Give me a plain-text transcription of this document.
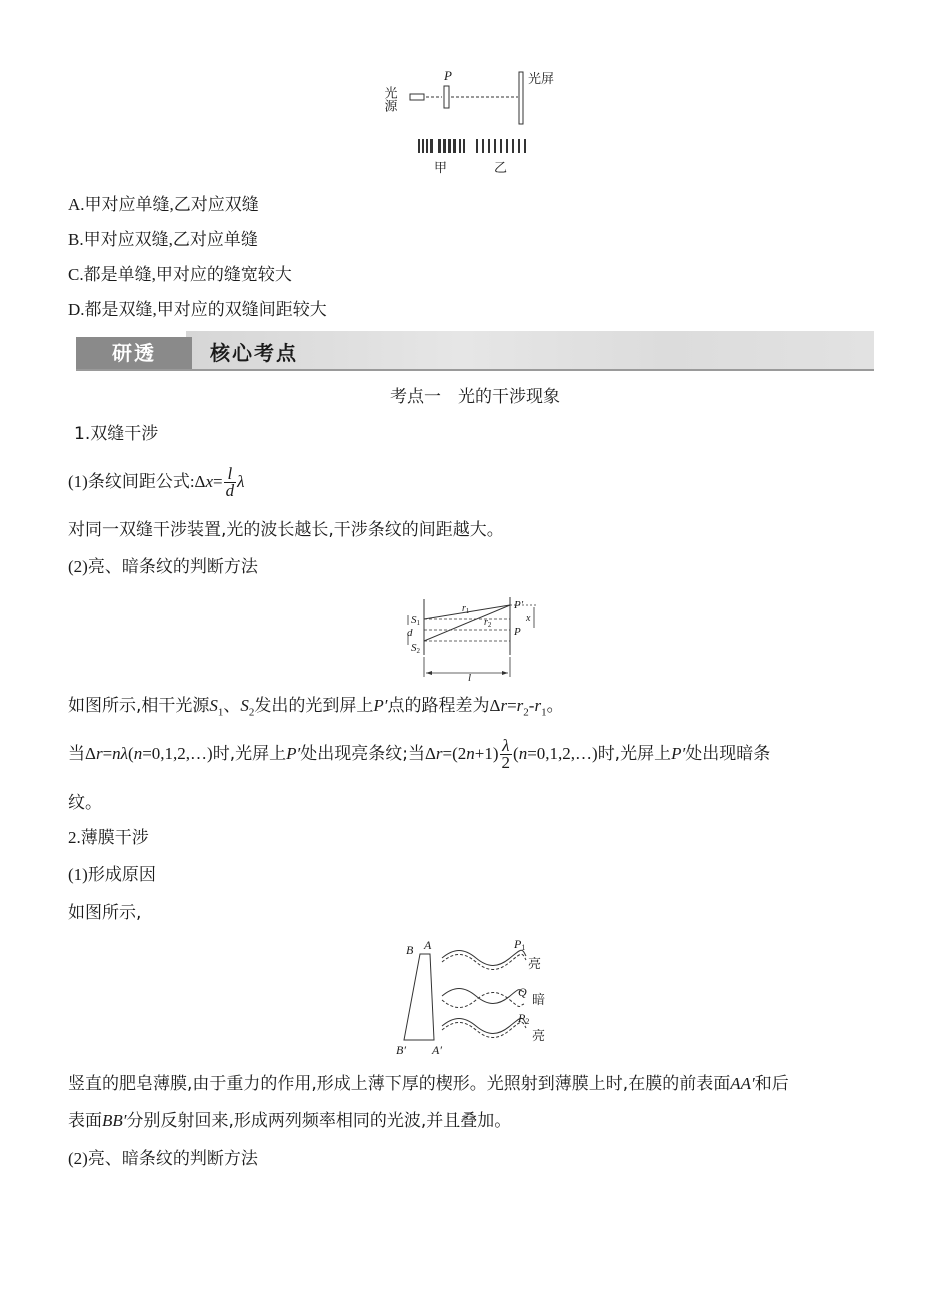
光源
P	光屏
甲	乙
A.甲对应单缝,乙对应双缝
B.甲对应双缝,乙对应单缝
C.都是单缝,甲对应的缝宽较大
D.都是双缝,甲对应的双缝间距较大
研透	核心考点
考点一　光的干涉现象
1.双缝干涉
(1)条纹间距公式:Δx= $\frac{l}{d}$ λ
对同一双缝干涉装置,光的波长越长,干涉条纹的间距越大。
(2)亮、暗条纹的判断方法
S1
d
S2
$r_1$
$r_2$
P′
P
x
l
如图所示,相干光源$S_1$、$S_2$发出的光到屏上P′点的路程差为$\Delta r=r_2-r_1$。
当Δr=nλ(n=0,1,2,…)时,光屏上P′处出现亮条纹;当$\Delta r=(2n+1) \frac{\lambda}{2}$ (n=0,1,2,…)时,光屏上P′处出现暗条
纹。
2.薄膜干涉
(1)形成原因
如图所示,
B A
B′ A′
P1
亮
Q 暗
P2
亮
竖直的肥皂薄膜,由于重力的作用,形成上薄下厚的楔形。光照射到薄膜上时,在膜的前表面AA′和后
表面BB′分别反射回来,形成两列频率相同的光波,并且叠加。
(2)亮、暗条纹的判断方法
